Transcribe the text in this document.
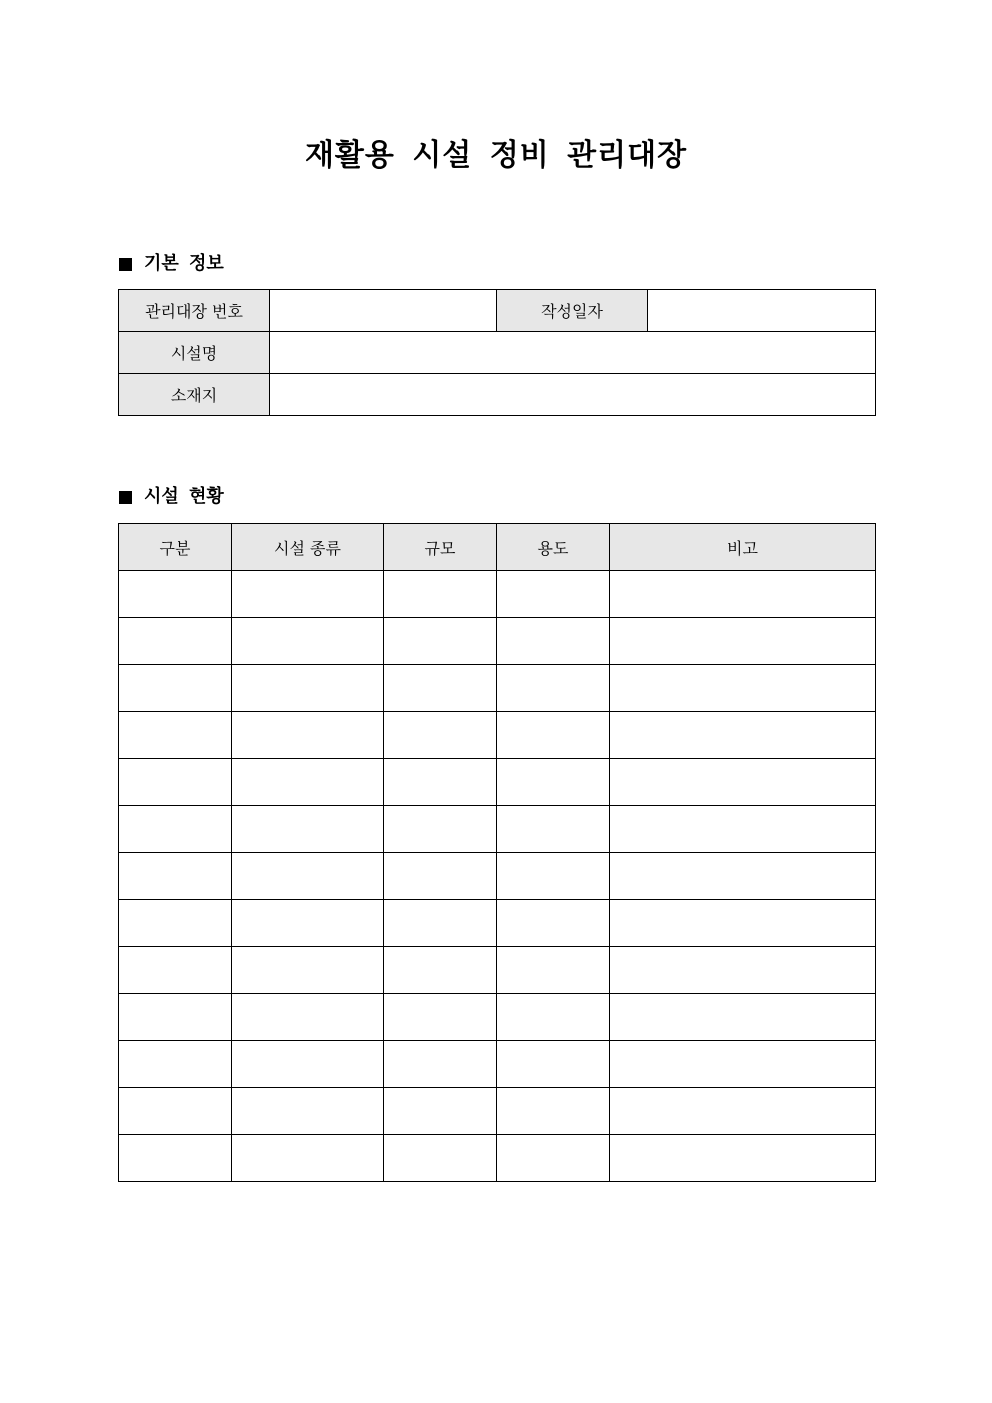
재활용 시설 정비 관리대장
기본 정보
관리대장 번호		작성일자	
시설명			
소재지			
시설 현황
구분	시설 종류	규모	용도	비고
